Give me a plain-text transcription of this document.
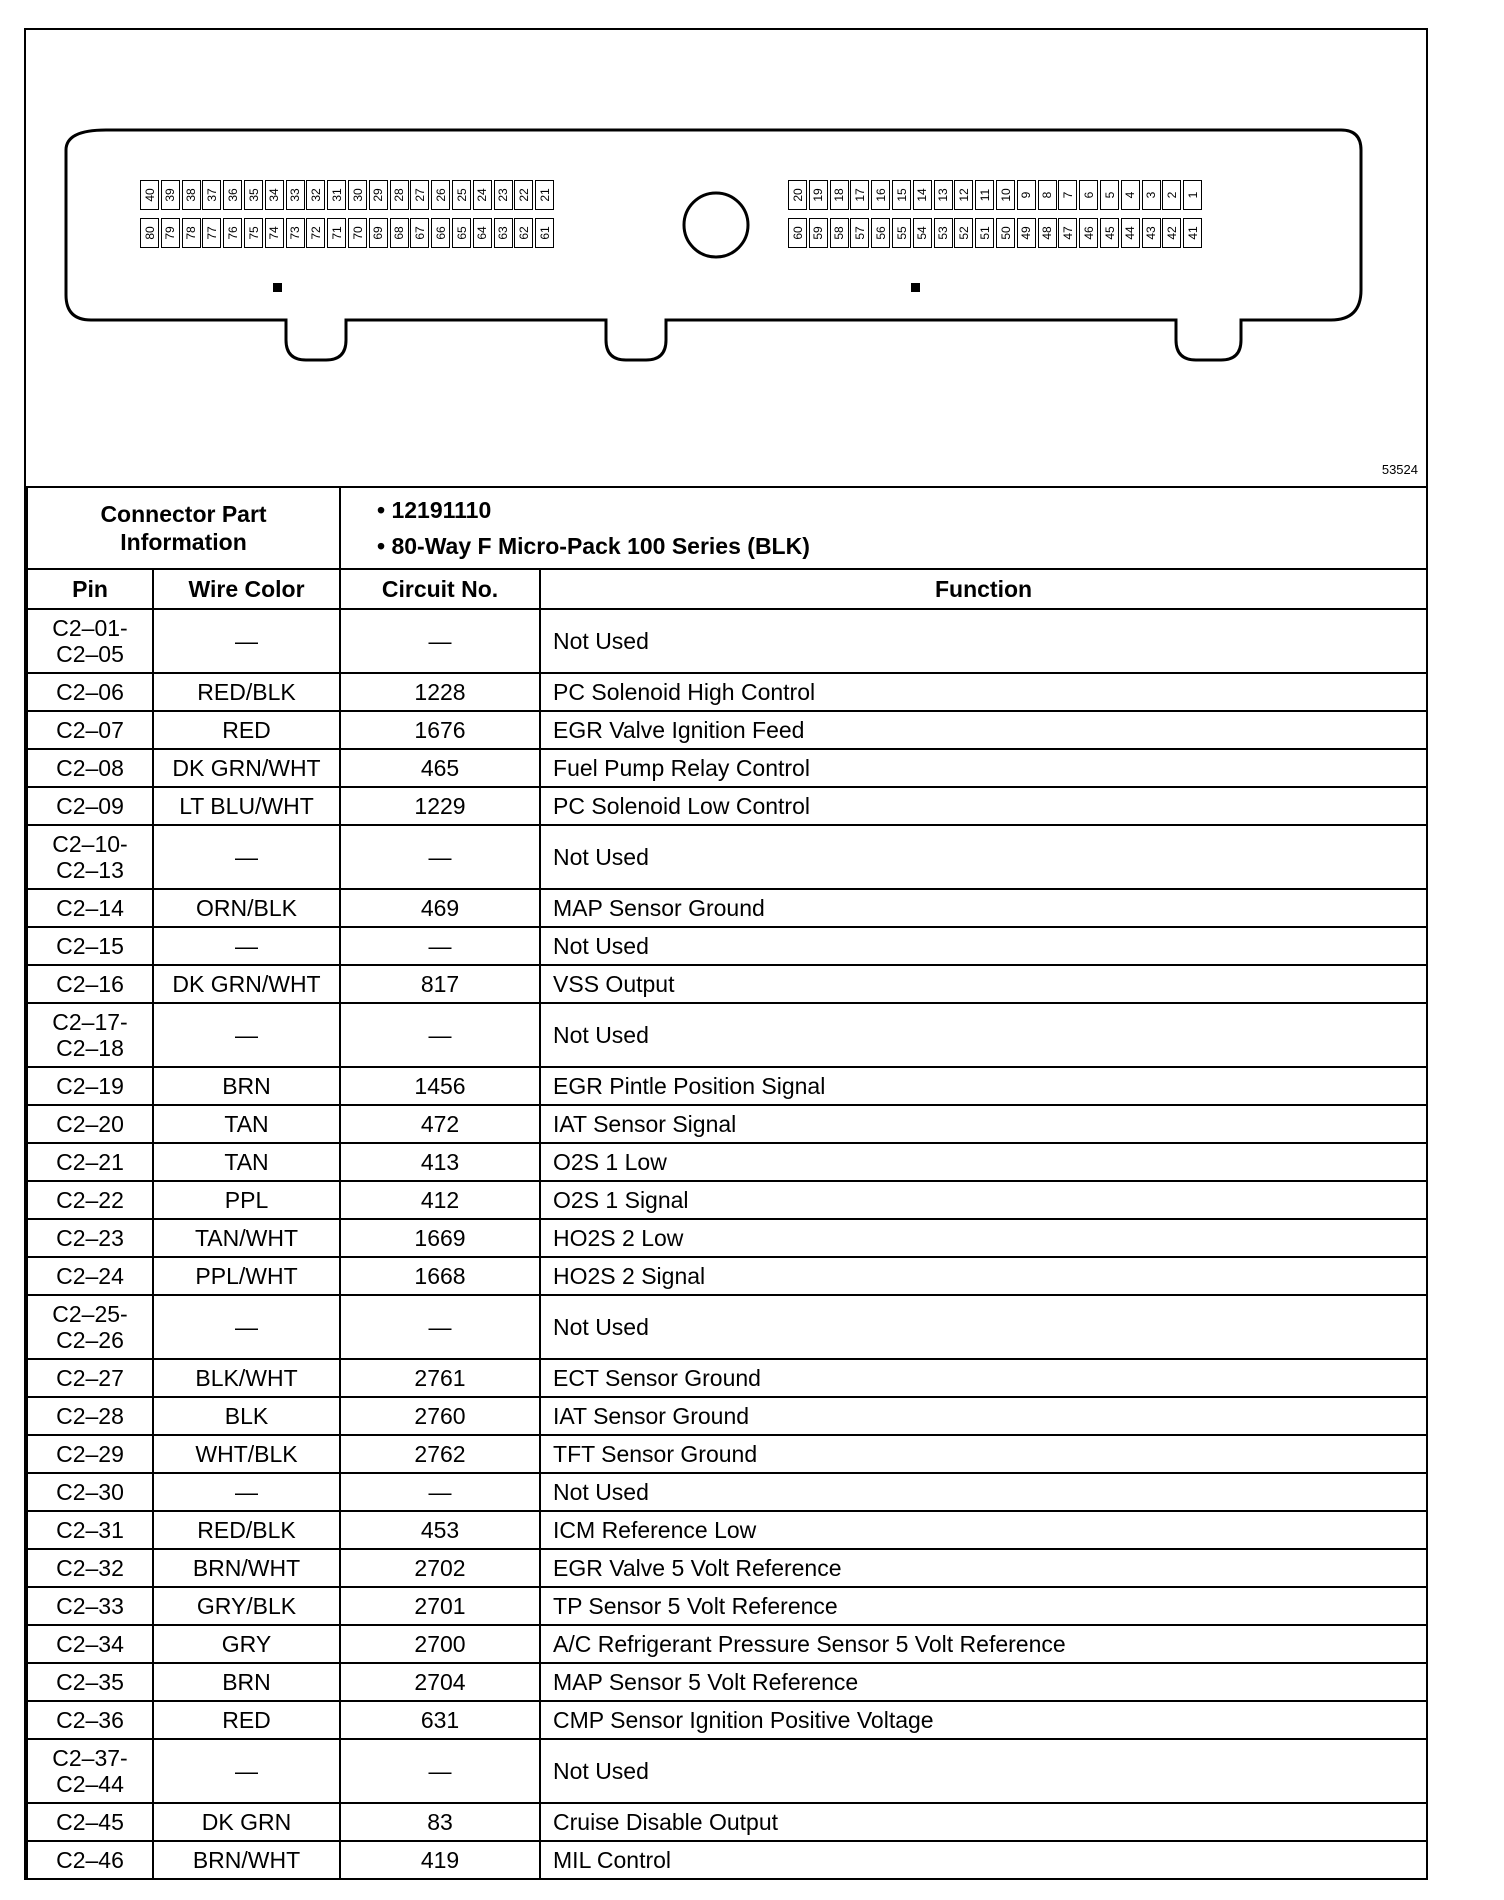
40 39 38 37 36 35 34 33 32 31 30 29 28 27 26 25 24 23 22 21
80 79 78 77 76 75 74 73 72 71 70 69 68 67 66 65 64 63 62 61
20 19 18 17 16 15 14 13 12 11 10 9 8 7 6 5 4 3 2 1
60 59 58 57 56 55 54 53 52 51 50 49 48 47 46 45 44 43 42 41
53524
Connector Part Information		• 12191110
• 80-Way F Micro-Pack 100 Series (BLK)	

Pin	Wire Color	Circuit No.	Function
C2–01-
C2–05	—	—	Not Used
C2–06	RED/BLK	1228	PC Solenoid High Control
C2–07	RED	1676	EGR Valve Ignition Feed
C2–08	DK GRN/WHT	465	Fuel Pump Relay Control
C2–09	LT BLU/WHT	1229	PC Solenoid Low Control
C2–10-
C2–13	—	—	Not Used
C2–14	ORN/BLK	469	MAP Sensor Ground
C2–15	—	—	Not Used
C2–16	DK GRN/WHT	817	VSS Output
C2–17-
C2–18	—	—	Not Used
C2–19	BRN	1456	EGR Pintle Position Signal
C2–20	TAN	472	IAT Sensor Signal
C2–21	TAN	413	O2S 1 Low
C2–22	PPL	412	O2S 1 Signal
C2–23	TAN/WHT	1669	HO2S 2 Low
C2–24	PPL/WHT	1668	HO2S 2 Signal
C2–25-
C2–26	—	—	Not Used
C2–27	BLK/WHT	2761	ECT Sensor Ground
C2–28	BLK	2760	IAT Sensor Ground
C2–29	WHT/BLK	2762	TFT Sensor Ground
C2–30	—	—	Not Used
C2–31	RED/BLK	453	ICM Reference Low
C2–32	BRN/WHT	2702	EGR Valve 5 Volt Reference
C2–33	GRY/BLK	2701	TP Sensor 5 Volt Reference
C2–34	GRY	2700	A/C Refrigerant Pressure Sensor 5 Volt Reference
C2–35	BRN	2704	MAP Sensor 5 Volt Reference
C2–36	RED	631	CMP Sensor Ignition Positive Voltage
C2–37-
C2–44	—	—	Not Used
C2–45	DK GRN	83	Cruise Disable Output
C2–46	BRN/WHT	419	MIL Control
